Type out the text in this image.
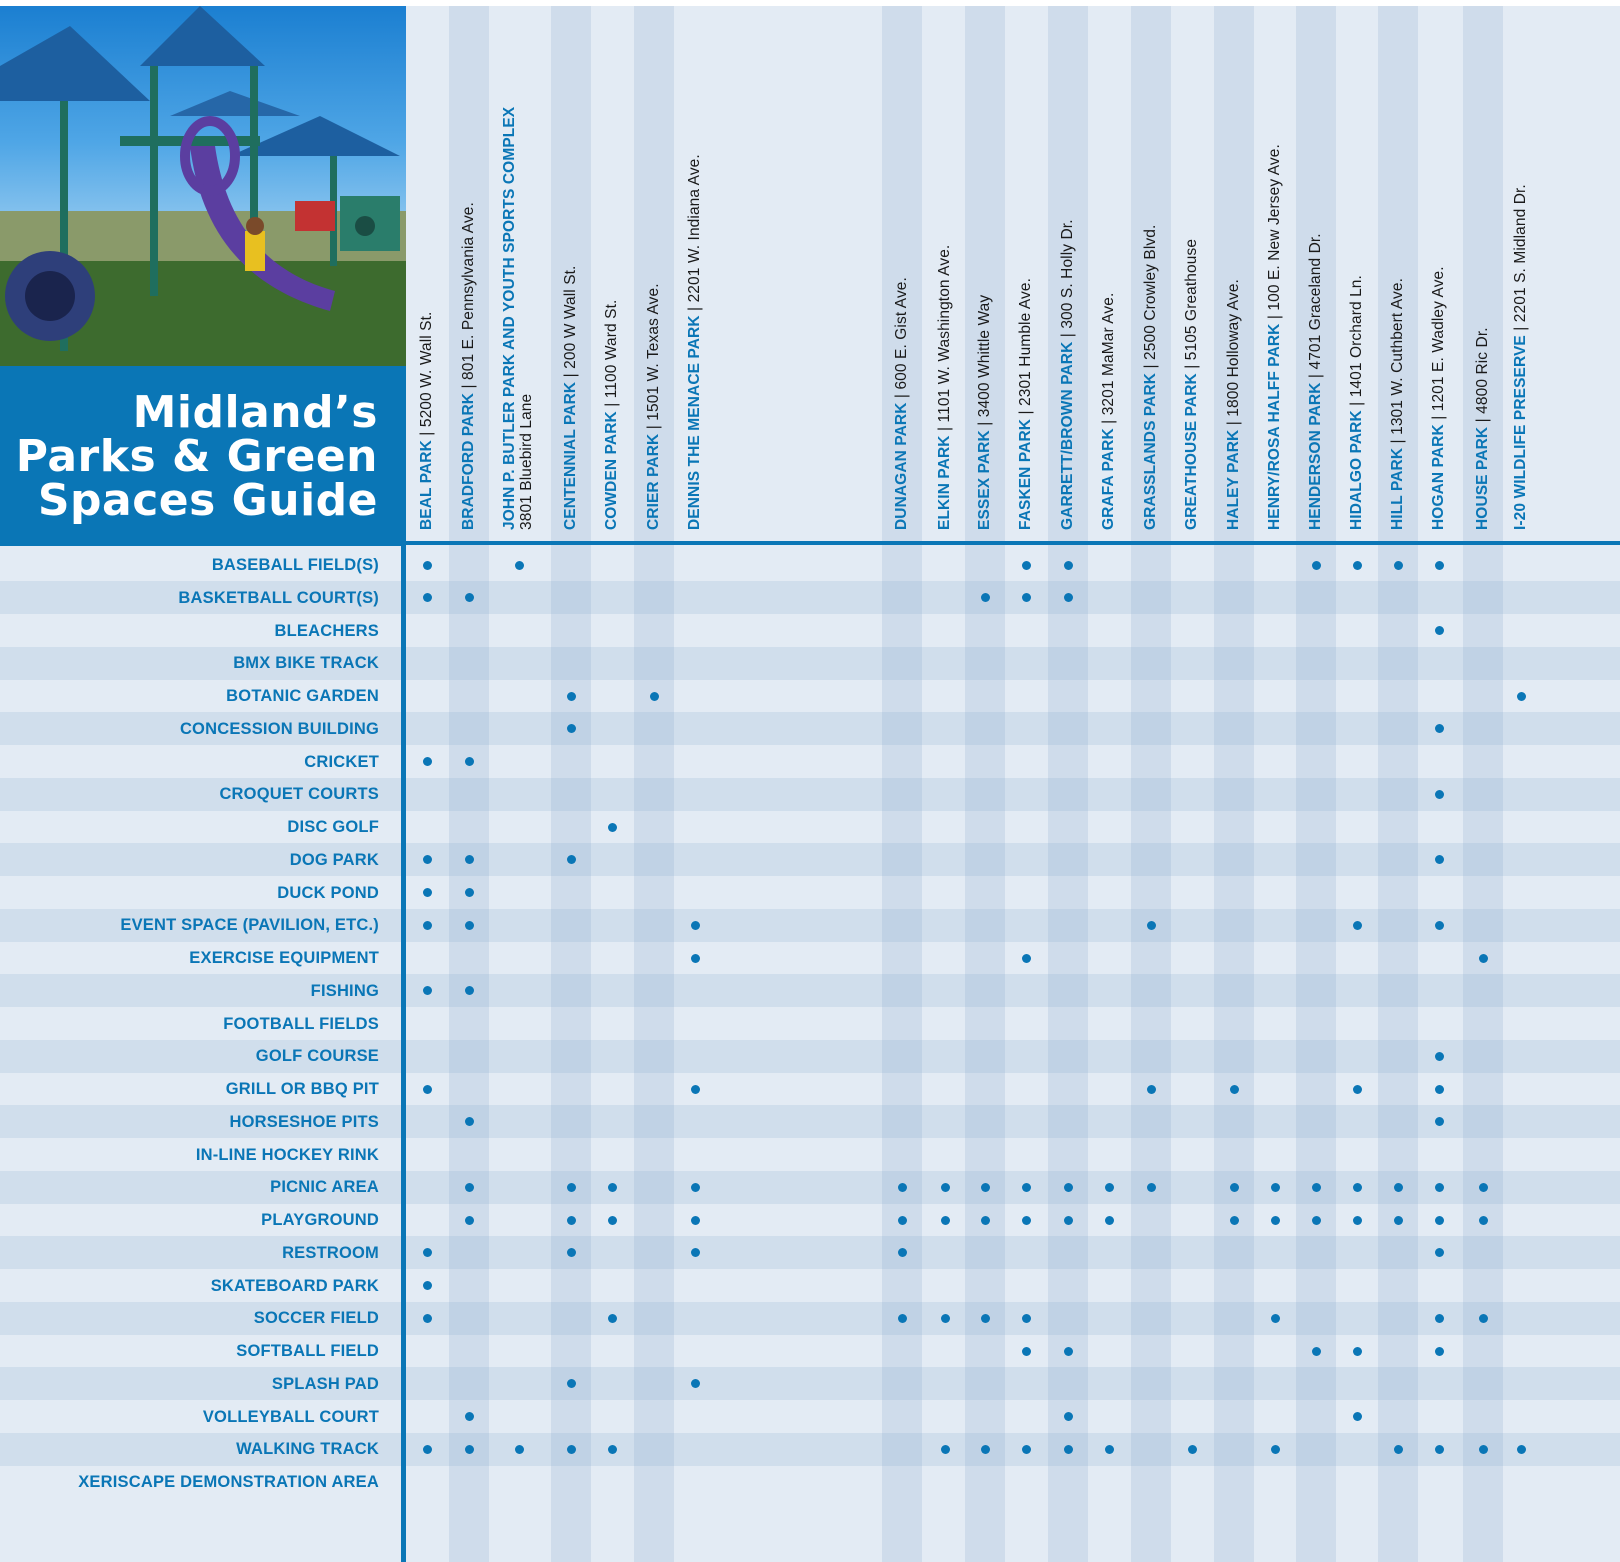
Midland’s
Parks & Green
Spaces Guide	BEAL PARK | 5200 W. Wall St.
BRADFORD PARK | 801 E. Pennsylvania Ave. JOHN P. BUTLER PARK AND YOUTH SPORTS COMPLEX 3801 Bluebird Lane CENTENNIAL PARK | 200 W Wall St.
COWDEN PARK | 1100 Ward St.
CRIER PARK | 1501 W. Texas Ave. DENNIS THE MENACE PARK | 2201 W. Indiana Ave.
DUNAGAN PARK | 600 E. Gist Ave.
ELKIN PARK | 1101 W. Washington Ave.
ESSEX PARK | 3400 Whittle Way
FASKEN PARK | 2301 Humble Ave. GARRETT/BROWN PARK | 300 S. Holly Dr.
GRAFA PARK | 3201 MaMar Ave.
GRASSLANDS PARK | 2500 Crowley Blvd.
GREATHOUSE PARK | 5105 Greathouse
HALEY PARK | 1800 Holloway Ave. HENRY/ROSA HALFF PARK | 100 E. New Jersey Ave.
HENDERSON PARK | 4701 Graceland Dr.
HIDALGO PARK | 1401 Orchard Ln.
HILL PARK | 1301 W. Cuthbert Ave.
HOGAN PARK | 1201 E. Wadley Ave.
HOUSE PARK | 4800 Ric Dr. I-20 WILDLIFE PRESERVE | 2201 S. Midland Dr.
BASEBALL FIELD(S)
BASKETBALL COURT(S)
BLEACHERS
BMX BIKE TRACK
BOTANIC GARDEN
CONCESSION BUILDING
CRICKET
CROQUET COURTS
DISC GOLF
DOG PARK
DUCK POND
EVENT SPACE (PAVILION, ETC.)
EXERCISE EQUIPMENT
FISHING
FOOTBALL FIELDS
GOLF COURSE
GRILL OR BBQ PIT
HORSESHOE PITS
IN-LINE HOCKEY RINK
PICNIC AREA
PLAYGROUND
RESTROOM
SKATEBOARD PARK
SOCCER FIELD
SOFTBALL FIELD
SPLASH PAD
VOLLEYBALL COURT
WALKING TRACK
XERISCAPE DEMONSTRATION AREA
